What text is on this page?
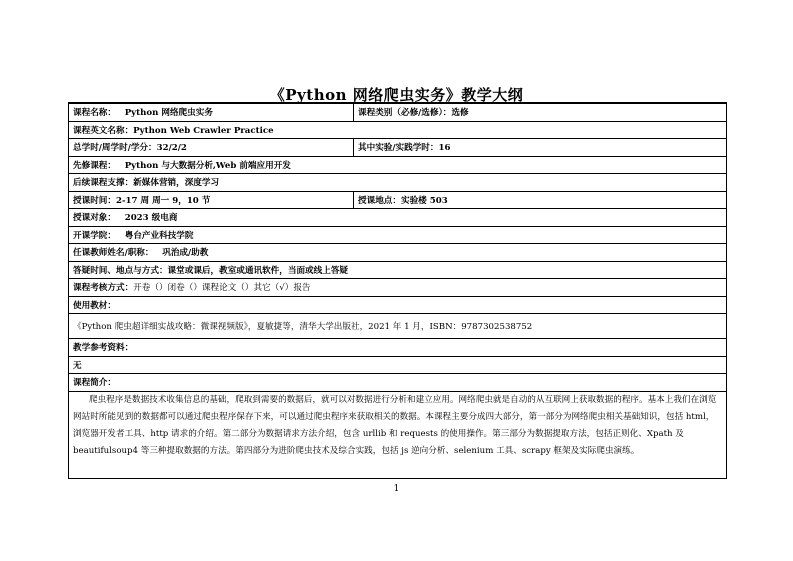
《Python 网络爬虫实务》教学大纲
课程名称： Python 网络爬虫实务	课程类别（必修/选修）：选修
课程英文名称：Python Web Crawler Practice	
总学时/周学时/学分：32/2/2	其中实验/实践学时：16
先修课程： Python 与大数据分析,Web 前端应用开发	
后续课程支撑：新媒体营销，深度学习	
授课时间：2-17 周 周一 9，10 节	授课地点：实验楼 503
授课对象： 2023 级电商	
开课学院： 粤台产业科技学院	
任课教师姓名/职称： 巩治成/助教	
答疑时间、地点与方式：课堂或课后，教室或通讯软件，当面或线上答疑	
课程考核方式：开卷（）闭卷（）课程论文（）其它（√）报告	
使用教材：	
《Python 爬虫超详细实战攻略：微课视频版》，夏敏捷等，清华大学出版社，2021 年 1 月，ISBN：9787302538752	
教学参考资料：	
无	
课程简介：	

爬虫程序是数据技术收集信息的基础，爬取到需要的数据后，就可以对数据进行分析和建立应用。网络爬虫就是自动的从互联网上获取数据的程序。基本上我们在浏览网站时所能见到的数据都可以通过爬虫程序保存下来，可以通过爬虫程序来获取相关的数据。本课程主要分成四大部分，第一部分为网络爬虫相关基础知识，包括 html，浏览器开发者工具、http 请求的介绍。第二部分为数据请求方法介绍，包含 urllib 和 requests 的使用操作。第三部分为数据提取方法，包括正则化、Xpath 及 beautifulsoup4 等三种提取数据的方法。第四部分为进阶爬虫技术及综合实践，包括 js 逆向分析、selenium 工具、scrapy 框架及实际爬虫演练。	

1
